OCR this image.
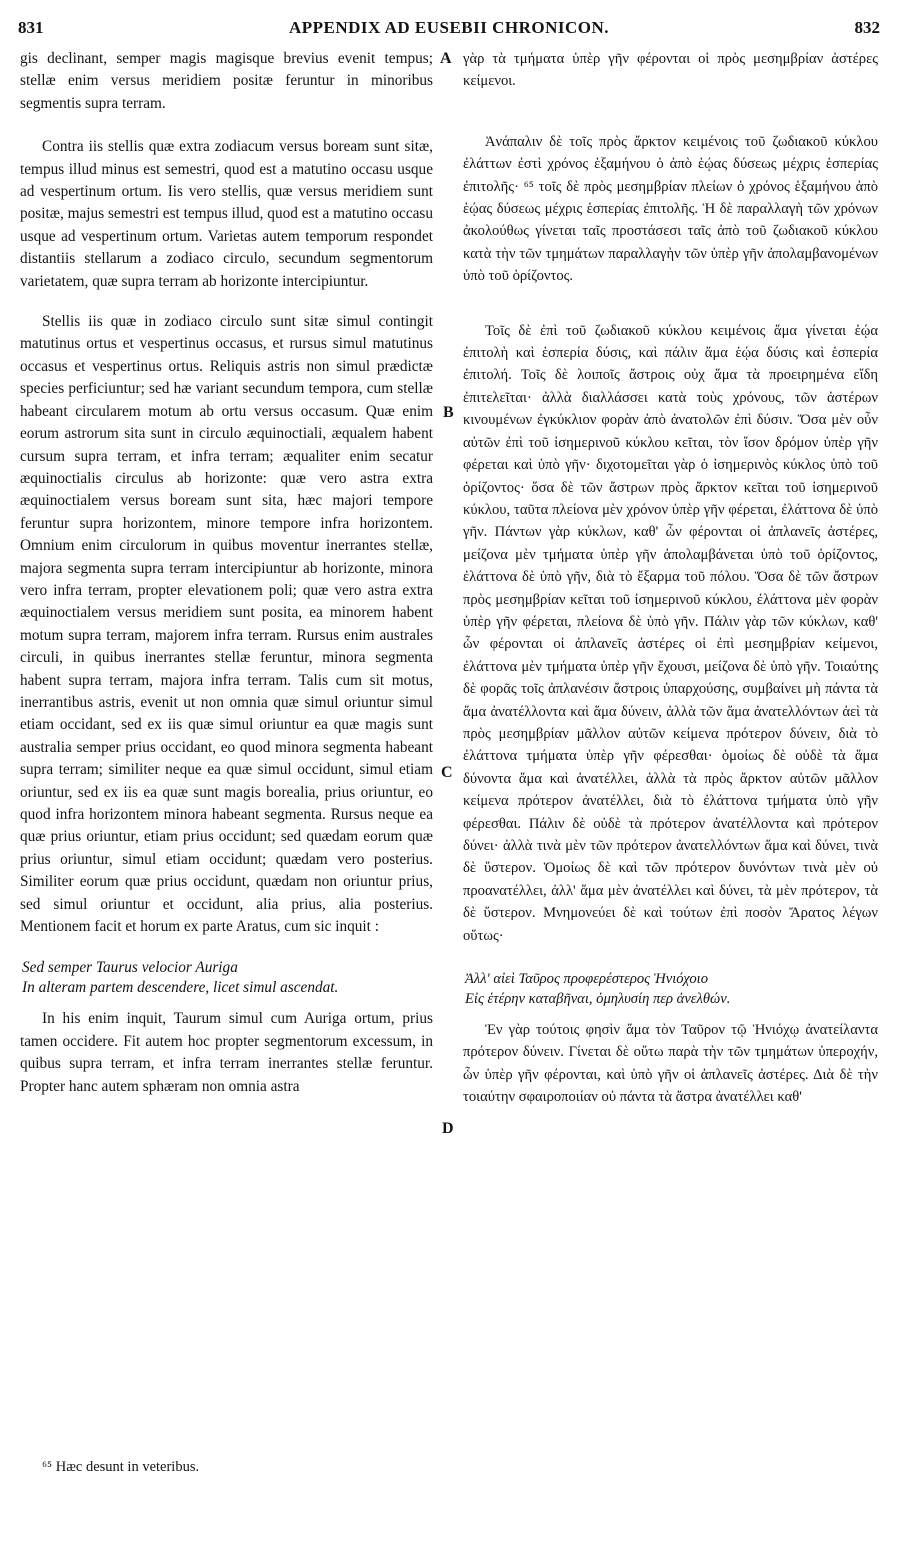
831	APPENDIX AD EUSEBII CHRONICON.	832

gis declinant, semper magis magisque brevius evenit tempus; stellæ enim versus meridiem positæ feruntur in minoribus segmentis supra terram.

Contra iis stellis quæ extra zodiacum versus boream sunt sitæ, tempus illud minus est semestri, quod est a matutino occasu usque ad vespertinum ortum. Iis vero stellis, quæ versus meridiem sunt positæ, majus semestri est tempus illud, quod est a matutino occasu usque ad vespertinum ortum. Varietas autem temporum respondet distantiis stellarum a zodiaco circulo, secundum segmentorum varietatem, quæ supra terram ab horizonte intercipiuntur.

Stellis iis quæ in zodiaco circulo sunt sitæ simul contingit matutinus ortus et vespertinus occasus, et rursus simul matutinus occasus et vespertinus ortus. Reliquis astris non simul prædictæ species perficiuntur; sed hæ variant secundum tempora, cum stellæ habeant circularem motum ab ortu versus occasum. Quæ enim eorum astrorum sita sunt in circulo æquinoctiali, æqualem habent cursum supra terram, et infra terram; æqualiter enim secatur æquinoctialis circulus ab horizonte: quæ vero astra extra æquinoctialem versus boream sunt sita, hæc majori tempore feruntur supra horizontem, minore tempore infra horizontem. Omnium enim circulorum in quibus moventur inerrantes stellæ, majora segmenta supra terram intercipiuntur ab horizonte, minora vero infra terram, propter elevationem poli; quæ vero astra extra æquinoctialem versus meridiem sunt posita, ea minorem habent motum supra terram, majorem infra terram. Rursus enim australes circuli, in quibus inerrantes stellæ feruntur, minora segmenta habent supra terram, majora infra terram. Talis cum sit motus, inerrantibus astris, evenit ut non omnia quæ simul oriuntur simul etiam occidant, sed ex iis quæ simul oriuntur ea quæ magis sunt australia semper prius occidant, eo quod minora segmenta habeant supra terram; similiter neque ea quæ simul occidunt, simul etiam oriuntur, sed ex iis ea quæ sunt magis borealia, prius oriuntur, eo quod infra horizontem minora habeant segmenta. Rursus neque ea quæ prius oriuntur, etiam prius occidunt; sed quædam eorum quæ prius oriuntur, simul etiam occidunt; quædam vero posterius. Similiter eorum quæ prius occidunt, quædam non oriuntur prius, sed simul oriuntur et occidunt, alia prius, alia posterius. Mentionem facit et horum ex parte Aratus, cum sic inquit :

Sed semper Taurus velocior Auriga

In alteram partem descendere, licet simul ascendat.

In his enim inquit, Taurum simul cum Auriga ortum, prius tamen occidere. Fit autem hoc propter segmentorum excessum, in quibus supra terram, et infra terram inerrantes stellæ feruntur. Propter hanc autem sphæram non omnia astra

γὰρ τὰ τμήματα ὑπὲρ γῆν φέρονται οἱ πρὸς μεσημβρίαν ἀστέρες κείμενοι.

Ἀνάπαλιν δὲ τοῖς πρὸς ἄρκτον κειμένοις τοῦ ζωδιακοῦ κύκλου ἐλάττων ἐστὶ χρόνος ἑξαμήνου ὁ ἀπὸ ἑῴας δύσεως μέχρις ἑσπερίας ἐπιτολῆς· ⁶⁵ τοῖς δὲ πρὸς μεσημβρίαν πλείων ὁ χρόνος ἑξαμήνου ἀπὸ ἑῴας δύσεως μέχρις ἑσπερίας ἐπιτολῆς. Ἡ δὲ παραλλαγὴ τῶν χρόνων ἀκολούθως γίνεται ταῖς προστάσεσι ταῖς ἀπὸ τοῦ ζωδιακοῦ κύκλου κατὰ τὴν τῶν τμημάτων παραλλαγὴν τῶν ὑπὲρ γῆν ἀπολαμβανομένων ὑπὸ τοῦ ὁρίζοντος.

Τοῖς δὲ ἐπὶ τοῦ ζωδιακοῦ κύκλου κειμένοις ἅμα γίνεται ἑῴα ἐπιτολὴ καὶ ἑσπερία δύσις, καὶ πάλιν ἅμα ἑῴα δύσις καὶ ἑσπερία ἐπιτολή. Τοῖς δὲ λοιποῖς ἄστροις οὐχ ἅμα τὰ προειρημένα εἴδη ἐπιτελεῖται· ἀλλὰ διαλλάσσει κατὰ τοὺς χρόνους, τῶν ἀστέρων κινουμένων ἐγκύκλιον φορὰν ἀπὸ ἀνατολῶν ἐπὶ δύσιν. Ὅσα μὲν οὖν αὐτῶν ἐπὶ τοῦ ἰσημερινοῦ κύκλου κεῖται, τὸν ἴσον δρόμον ὑπὲρ γῆν φέρεται καὶ ὑπὸ γῆν· διχοτομεῖται γὰρ ὁ ἰσημερινὸς κύκλος ὑπὸ τοῦ ὁρίζοντος· ὅσα δὲ τῶν ἄστρων πρὸς ἄρκτον κεῖται τοῦ ἰσημερινοῦ κύκλου, ταῦτα πλείονα μὲν χρόνον ὑπὲρ γῆν φέρεται, ἐλάττονα δὲ ὑπὸ γῆν. Πάντων γὰρ κύκλων, καθ' ὧν φέρονται οἱ ἀπλανεῖς ἀστέρες, μείζονα μὲν τμήματα ὑπὲρ γῆν ἀπολαμβάνεται ὑπὸ τοῦ ὁρίζοντος, ἐλάττονα δὲ ὑπὸ γῆν, διὰ τὸ ἔξαρμα τοῦ πόλου. Ὅσα δὲ τῶν ἄστρων πρὸς μεσημβρίαν κεῖται τοῦ ἰσημερινοῦ κύκλου, ἐλάττονα μὲν φορὰν ὑπὲρ γῆν φέρεται, πλείονα δὲ ὑπὸ γῆν. Πάλιν γὰρ τῶν κύκλων, καθ' ὧν φέρονται οἱ ἀπλανεῖς ἀστέρες οἱ ἐπὶ μεσημβρίαν κείμενοι, ἐλάττονα μὲν τμήματα ὑπὲρ γῆν ἔχουσι, μείζονα δὲ ὑπὸ γῆν. Τοιαύτης δὲ φορᾶς τοῖς ἀπλανέσιν ἄστροις ὑπαρχούσης, συμβαίνει μὴ πάντα τὰ ἅμα ἀνατέλλοντα καὶ ἅμα δύνειν, ἀλλὰ τῶν ἅμα ἀνατελλόντων ἀεὶ τὰ πρὸς μεσημβρίαν μᾶλλον αὐτῶν κείμενα πρότερον δύνειν, διὰ τὸ ἐλάττονα τμήματα ὑπὲρ γῆν φέρεσθαι· ὁμοίως δὲ οὐδὲ τὰ ἅμα δύνοντα ἅμα καὶ ἀνατέλλει, ἀλλὰ τὰ πρὸς ἄρκτον αὐτῶν μᾶλλον κείμενα πρότερον ἀνατέλλει, διὰ τὸ ἐλάττονα τμήματα ὑπὸ γῆν φέρεσθαι. Πάλιν δὲ οὐδὲ τὰ πρότερον ἀνατέλλοντα καὶ πρότερον δύνει· ἀλλὰ τινὰ μὲν τῶν πρότερον ἀνατελλόντων ἅμα καὶ δύνει, τινὰ δὲ ὕστερον. Ὁμοίως δὲ καὶ τῶν πρότερον δυνόντων τινὰ μὲν οὐ προανατέλλει, ἀλλ' ἅμα μὲν ἀνατέλλει καὶ δύνει, τὰ μὲν πρότερον, τὰ δὲ ὕστερον. Μνημονεύει δὲ καὶ τούτων ἐπὶ ποσὸν Ἄρατος λέγων οὕτως·

Ἀλλ' αἰεὶ Ταῦρος προφερέστερος Ἡνιόχοιο

Εἰς ἑτέρην καταβῆναι, ὁμηλυσίη περ ἀνελθών.

Ἐν γὰρ τούτοις φησὶν ἅμα τὸν Ταῦρον τῷ Ἡνιόχῳ ἀνατείλαντα πρότερον δύνειν. Γίνεται δὲ οὕτω παρὰ τὴν τῶν τμημάτων ὑπεροχήν, ὧν ὑπὲρ γῆν φέρονται, καὶ ὑπὸ γῆν οἱ ἀπλανεῖς ἀστέρες. Διὰ δὲ τὴν τοιαύτην σφαιροποιίαν οὐ πάντα τὰ ἄστρα ἀνατέλλει καθ'

A
B
C
D
⁶⁵ Hæc desunt in veteribus.
